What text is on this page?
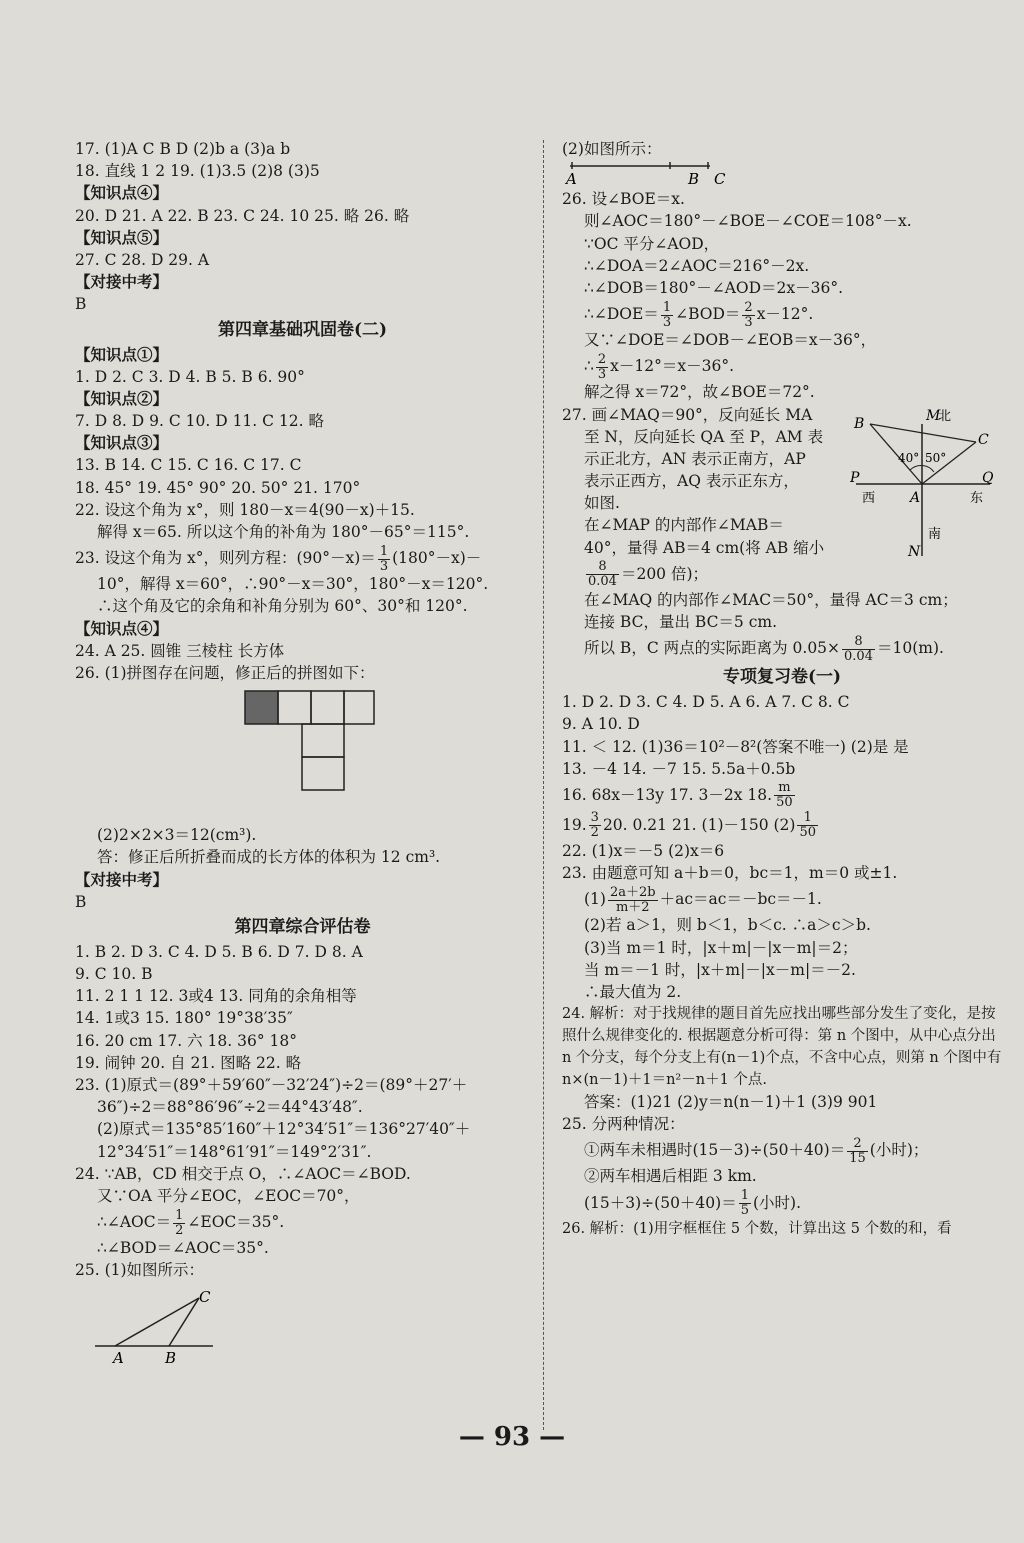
17. (1)A C B D (2)b a (3)a b
18. 直线 1 2 19. (1)3.5 (2)8 (3)5
【知识点④】
20. D 21. A 22. B 23. C 24. 10 25. 略 26. 略
【知识点⑤】
27. C 28. D 29. A
【对接中考】
B
第四章基础巩固卷(二)
【知识点①】
1. D 2. C 3. D 4. B 5. B 6. 90°
【知识点②】
7. D 8. D 9. C 10. D 11. C 12. 略
【知识点③】
13. B 14. C 15. C 16. C 17. C
18. 45° 19. 45° 90° 20. 50° 21. 170°
22. 设这个角为 x°，则 180－x＝4(90－x)＋15.
解得 x＝65. 所以这个角的补角为 180°－65°＝115°.
23. 设这个角为 x°，则列方程：$(90^\circ-x)= \frac{1}{3} (180^\circ-x)-$
10°，解得 x＝60°，∴90°－x＝30°，180°－x＝120°.
∴这个角及它的余角和补角分别为 60°、30°和 120°.
【知识点④】
24. A 25. 圆锥 三棱柱 长方体
26. (1)拼图存在问题，修正后的拼图如下：
(2)2×2×3＝12(cm³).
答：修正后所折叠而成的长方体的体积为 12 cm³.
【对接中考】
B
第四章综合评估卷
1. B 2. D 3. C 4. D 5. B 6. D 7. D 8. A
9. C 10. B
11. 2 1 1 12. 3或4 13. 同角的余角相等
14. 1或3 15. 180° 19°38′35″
16. 20 cm 17. 六 18. 36° 18°
19. 闹钟 20. 自 21. 图略 22. 略
23. (1)原式＝(89°＋59′60″－32′24″)÷2＝(89°＋27′＋
36″)÷2＝88°86′96″÷2＝44°43′48″.
(2)原式＝135°85′160″＋12°34′51″＝136°27′40″＋
12°34′51″＝148°61′91″＝149°2′31″.
24. ∵AB，CD 相交于点 O，∴∠AOC＝∠BOD.
又∵OA 平分∠EOC，∠EOC＝70°，
∴∠AOC＝ $\frac{1}{2}$ ∠EOC＝35°.
∴∠BOD＝∠AOC＝35°.
25. (1)如图所示：
A	B
C
(2)如图所示：
A	B C
26. 设∠BOE＝x.
则∠AOC＝180°－∠BOE－∠COE＝108°－x.
∵OC 平分∠AOD，
∴∠DOA＝2∠AOC＝216°－2x.
∴∠DOB＝180°－∠AOD＝2x－36°.
∴∠DOE＝ $\frac{1}{3}$ ∠BOD＝ $\frac{2}{3} x-12^\circ$.
又∵∠DOE＝∠DOB－∠EOB＝x－36°，
∴ $\frac{2}{3} x-12^\circ=x-36^\circ$.
解之得 x＝72°，故∠BOE＝72°.
27. 画∠MAQ＝90°，反向延长 MA
至 N，反向延长 QA 至 P，AM 表
示正北方，AN 表示正南方，AP
表示正西方，AQ 表示正东方，
如图.
在∠MAP 的内部作∠MAB＝
40°，量得 AB＝4 cm(将 AB 缩小
$\frac{8}{0.04} =200$ 倍)；
M
北
B
C
40° 50°
P
西 A
Q
东
N
南
在∠MAQ 的内部作∠MAC＝50°，量得 AC＝3 cm；
连接 BC，量出 BC＝5 cm.
所以 B，C 两点的实际距离为 $0.05\times \frac{8}{0.04} =10(m)$.
专项复习卷(一)
1. D 2. D 3. C 4. D 5. A 6. A 7. C 8. C
9. A 10. D
11. ＜ 12. (1)36＝10²－8²(答案不唯一) (2)是 是
13. －4 14. －7 15. 5.5a＋0.5b
16. 68x－13y 17. 3－2x 18. $\frac{m}{50}$
19. $\frac{3}{2} 20$. 0.21 21. (1)－150 $(2) \frac{1}{50}$
22. (1)x＝－5 (2)x＝6
23. 由题意可知 a＋b＝0，bc＝1，m＝0 或±1.
$(1) \frac{2a+2b}{m+2} +ac=ac=-bc=-1$.
(2)若 a＞1，则 b＜1，b＜c. ∴a＞c＞b.
(3)当 m＝1 时，|x＋m|－|x－m|＝2；
当 m＝－1 时，|x＋m|－|x－m|＝－2.
∴最大值为 2.
24. 解析：对于找规律的题目首先应找出哪些部分发生了变化，是按照什么规律变化的. 根据题意分析可得：第 n 个图中，从中心点分出 n 个分支，每个分支上有(n－1)个点，不含中心点，则第 n 个图中有 n×(n－1)＋1＝n²－n＋1 个点.
答案：(1)21 (2)y＝n(n－1)＋1 (3)9 901
25. 分两种情况：
①两车未相遇时$(15-3)\div(50+40)= \frac{2}{15}$ (小时)；
②两车相遇后相距 3 km.
$(15+3)\div(50+40)= \frac{1}{5}$ (小时).
26. 解析：(1)用字框框住 5 个数，计算出这 5 个数的和，看
— 93 —
